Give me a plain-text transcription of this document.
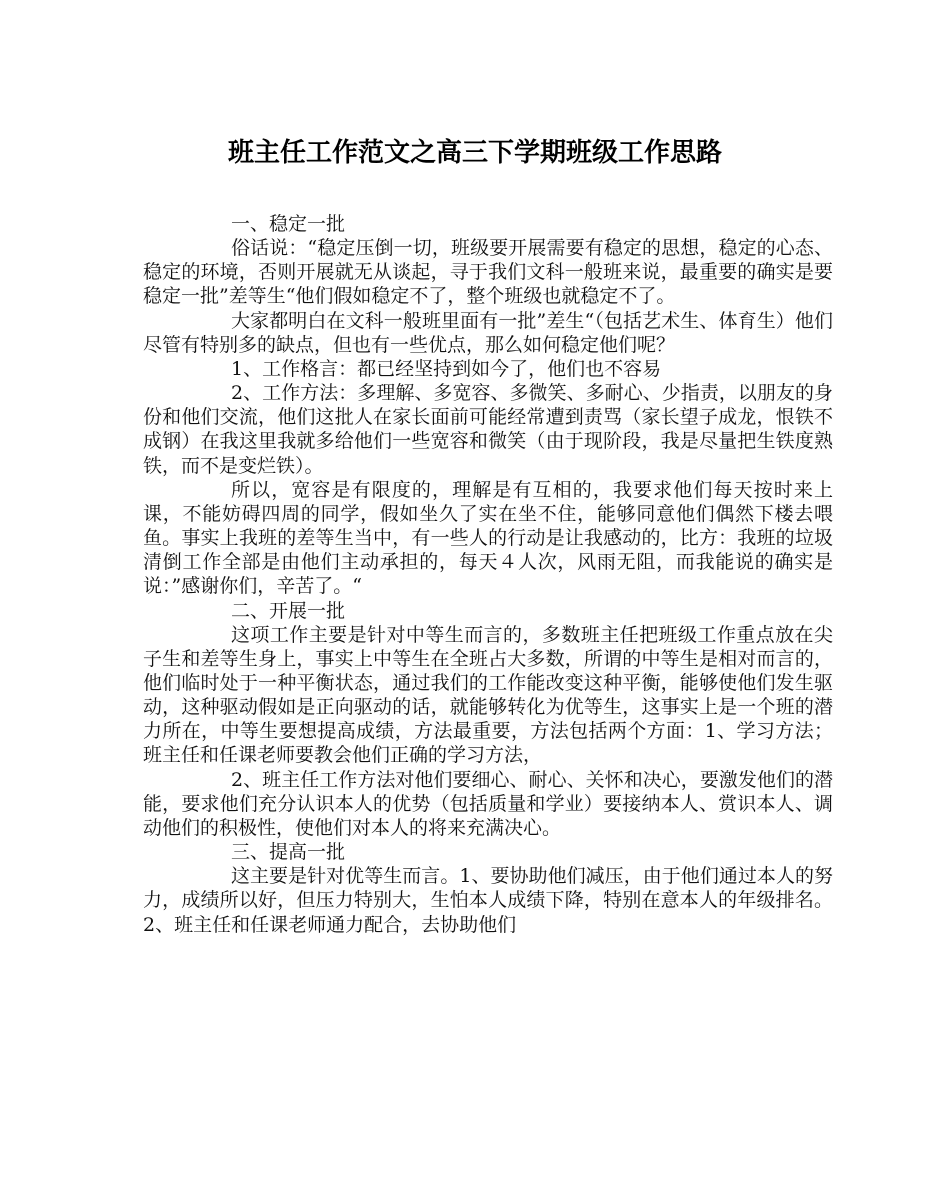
班主任工作范文之高三下学期班级工作思路

一、稳定一批

俗话说：“稳定压倒一切，班级要开展需要有稳定的思想，稳定的心态、稳定的环境，否则开展就无从谈起，寻于我们文科一般班来说，最重要的确实是要稳定一批”差等生“他们假如稳定不了，整个班级也就稳定不了。

大家都明白在文科一般班里面有一批”差生“（包括艺术生、体育生）他们尽管有特别多的缺点，但也有一些优点，那么如何稳定他们呢？

1、工作格言：都已经坚持到如今了，他们也不容易

2、工作方法：多理解、多宽容、多微笑、多耐心、少指责，以朋友的身份和他们交流，他们这批人在家长面前可能经常遭到责骂（家长望子成龙，恨铁不成钢）在我这里我就多给他们一些宽容和微笑（由于现阶段，我是尽量把生铁度熟铁，而不是变烂铁）。

所以，宽容是有限度的，理解是有互相的，我要求他们每天按时来上课，不能妨碍四周的同学，假如坐久了实在坐不住，能够同意他们偶然下楼去喂鱼。事实上我班的差等生当中，有一些人的行动是让我感动的，比方：我班的垃圾清倒工作全部是由他们主动承担的，每天４人次，风雨无阻，而我能说的确实是说：”感谢你们，辛苦了。“

二、开展一批

这项工作主要是针对中等生而言的，多数班主任把班级工作重点放在尖子生和差等生身上，事实上中等生在全班占大多数，所谓的中等生是相对而言的，他们临时处于一种平衡状态，通过我们的工作能改变这种平衡，能够使他们发生驱动，这种驱动假如是正向驱动的话，就能够转化为优等生，这事实上是一个班的潜力所在，中等生要想提高成绩，方法最重要，方法包括两个方面：1、学习方法；班主任和任课老师要教会他们正确的学习方法，

2、班主任工作方法对他们要细心、耐心、关怀和决心，要激发他们的潜能，要求他们充分认识本人的优势（包括质量和学业）要接纳本人、赏识本人、调动他们的积极性，使他们对本人的将来充满决心。

三、提高一批

这主要是针对优等生而言。1、要协助他们减压，由于他们通过本人的努力，成绩所以好，但压力特别大，生怕本人成绩下降，特别在意本人的年级排名。2、班主任和任课老师通力配合，去协助他们
